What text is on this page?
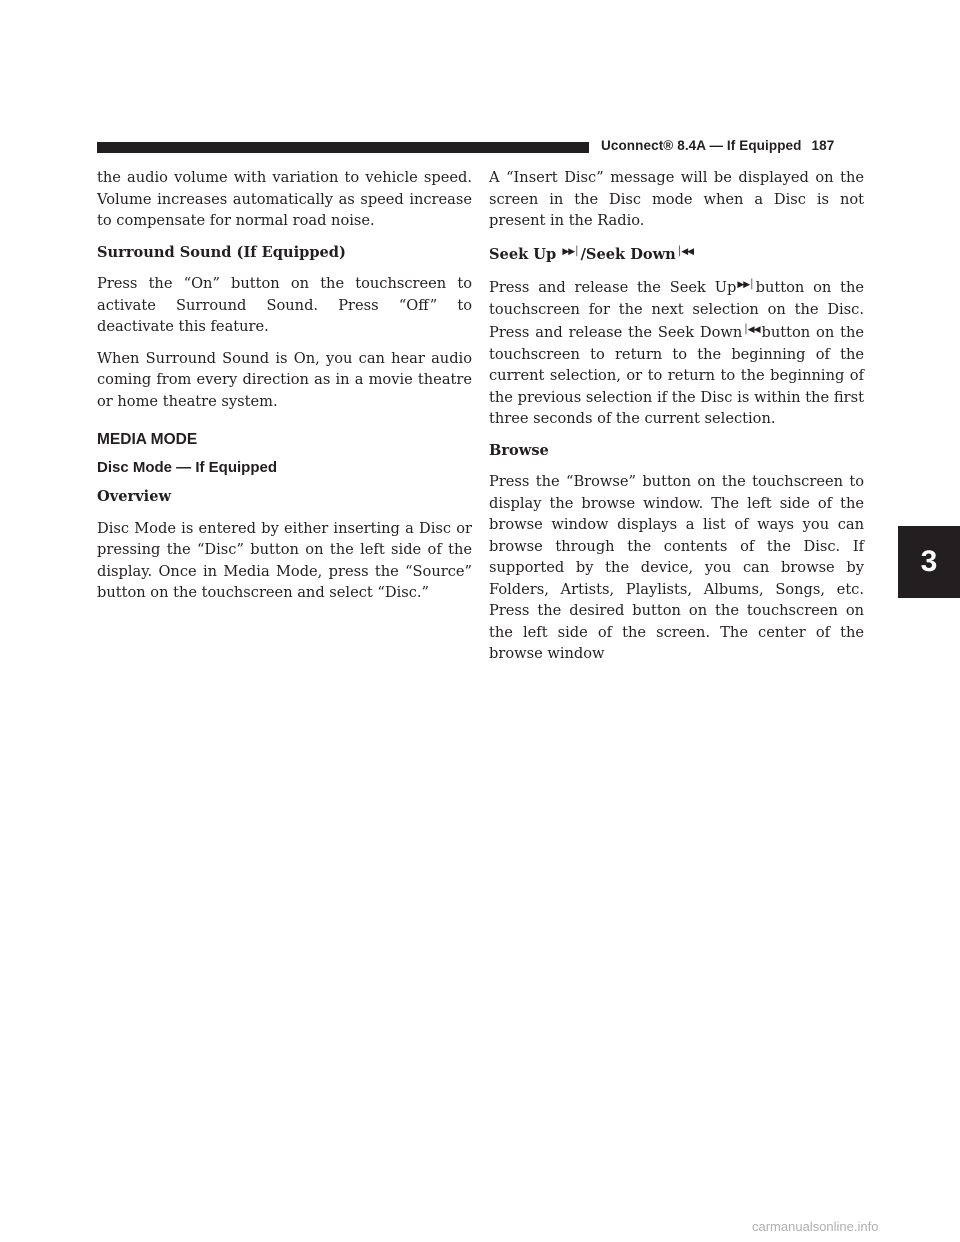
Uconnect® 8.4A — If Equipped 187
3

the audio volume with variation to vehicle speed. Volume increases automatically as speed increase to compensate for normal road noise.

Surround Sound (If Equipped)

Press the “On” button on the touchscreen to activate Surround Sound. Press “Off” to deactivate this feature.

When Surround Sound is On, you can hear audio coming from every direction as in a movie theatre or home theatre system.

MEDIA MODE
Disc Mode — If Equipped
Overview

Disc Mode is entered by either inserting a Disc or pressing the “Disc” button on the left side of the display. Once in Media Mode, press the “Source” button on the touchscreen and select “Disc.”

A “Insert Disc” message will be displayed on the screen in the Disc mode when a Disc is not present in the Radio.

Seek Up ▶▶│ /Seek Down│◀◀

Press and release the Seek Up▶▶│ button on the touchscreen for the next selection on the Disc. Press and release the Seek Down│◀◀ button on the touchscreen to return to the beginning of the current selection, or to return to the beginning of the previous selection if the Disc is within the first three seconds of the current selection.

Browse

Press the “Browse” button on the touchscreen to display the browse window. The left side of the browse window displays a list of ways you can browse through the contents of the Disc. If supported by the device, you can browse by Folders, Artists, Playlists, Albums, Songs, etc. Press the desired button on the touchscreen on the left side of the screen. The center of the browse window

carmanualsonline.info
